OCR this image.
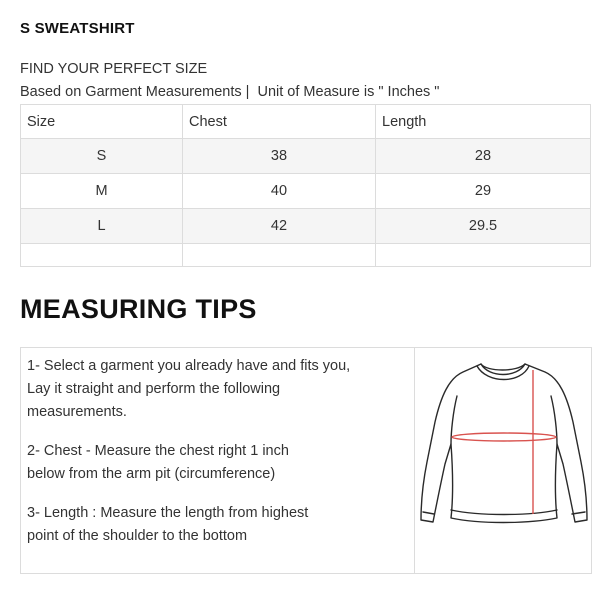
S SWEATSHIRT
FIND YOUR PERFECT SIZE
Based on Garment Measurements |  Unit of Measure is " Inches "
Size	Chest	Length
S	38	28
M	40	29
L	42	29.5

MEASURING TIPS

1- Select a garment you already have and fits you,
Lay it straight and perform the following
measurements.

2- Chest - Measure the chest right 1 inch
below from the arm pit (circumference)

3- Length : Measure the length from highest
point of the shoulder to the bottom
